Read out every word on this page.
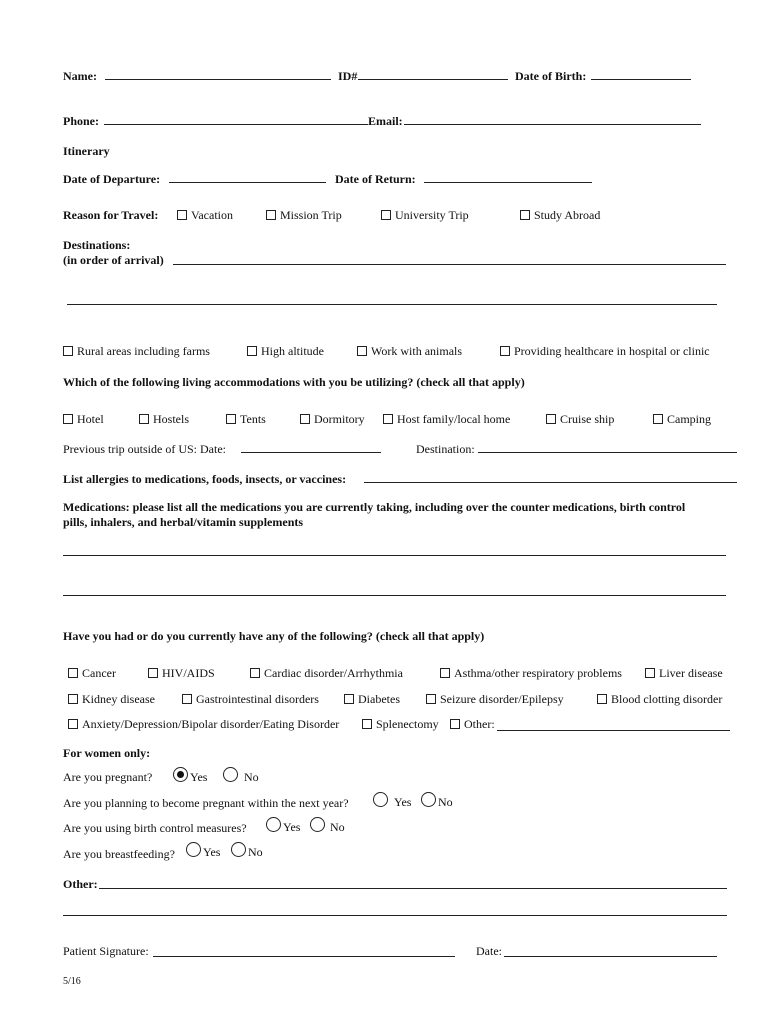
Name:	ID#	Date of Birth:
Phone:	Email:
Itinerary
Date of Departure:	Date of Return:
Reason for Travel:	Vacation	Mission Trip	University Trip	Study Abroad
Destinations:
(in order of arrival)
Rural areas including farms	High altitude	Work with animals	Providing healthcare in hospital or clinic
Which of the following living accommodations with you be utilizing? (check all that apply)
Hotel	Hostels	Tents	Dormitory	Host family/local home	Cruise ship	Camping
Previous trip outside of US: Date:	Destination:
List allergies to medications, foods, insects, or vaccines:
Medications: please list all the medications you are currently taking, including over the counter medications, birth control
pills, inhalers, and herbal/vitamin supplements
Have you had or do you currently have any of the following? (check all that apply)
Cancer	HIV/AIDS	Cardiac disorder/Arrhythmia	Asthma/other respiratory problems	Liver disease
Kidney disease	Gastrointestinal disorders	Diabetes	Seizure disorder/Epilepsy	Blood clotting disorder
Anxiety/Depression/Bipolar disorder/Eating Disorder	Splenectomy	Other:
For women only:
Are you pregnant?	Yes	No
Are you planning to become pregnant within the next year?	Yes	No
Are you using birth control measures?	Yes	No
Are you breastfeeding?	Yes	No
Other:
Patient Signature:	Date:
5/16
